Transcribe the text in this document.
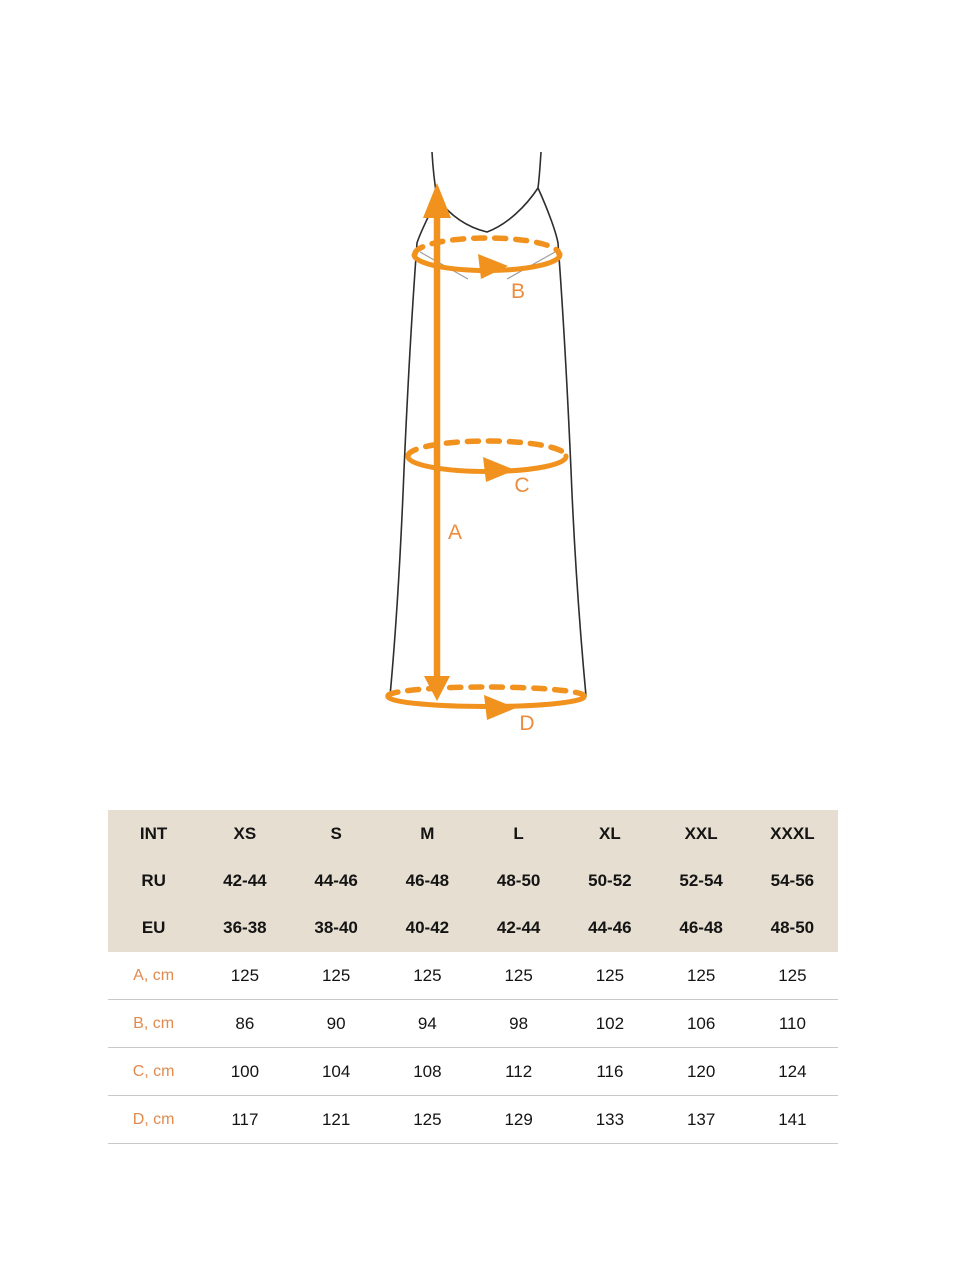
B
C
A
D
INT	XS	S	M	L	XL	XXL	XXXL
RU	42-44	44-46	46-48	48-50	50-52	52-54	54-56
EU	36-38	38-40	40-42	42-44	44-46	46-48	48-50
A, cm	125	125	125	125	125	125	125
B, cm	86	90	94	98	102	106	110
C, cm	100	104	108	112	116	120	124
D, cm	117	121	125	129	133	137	141
